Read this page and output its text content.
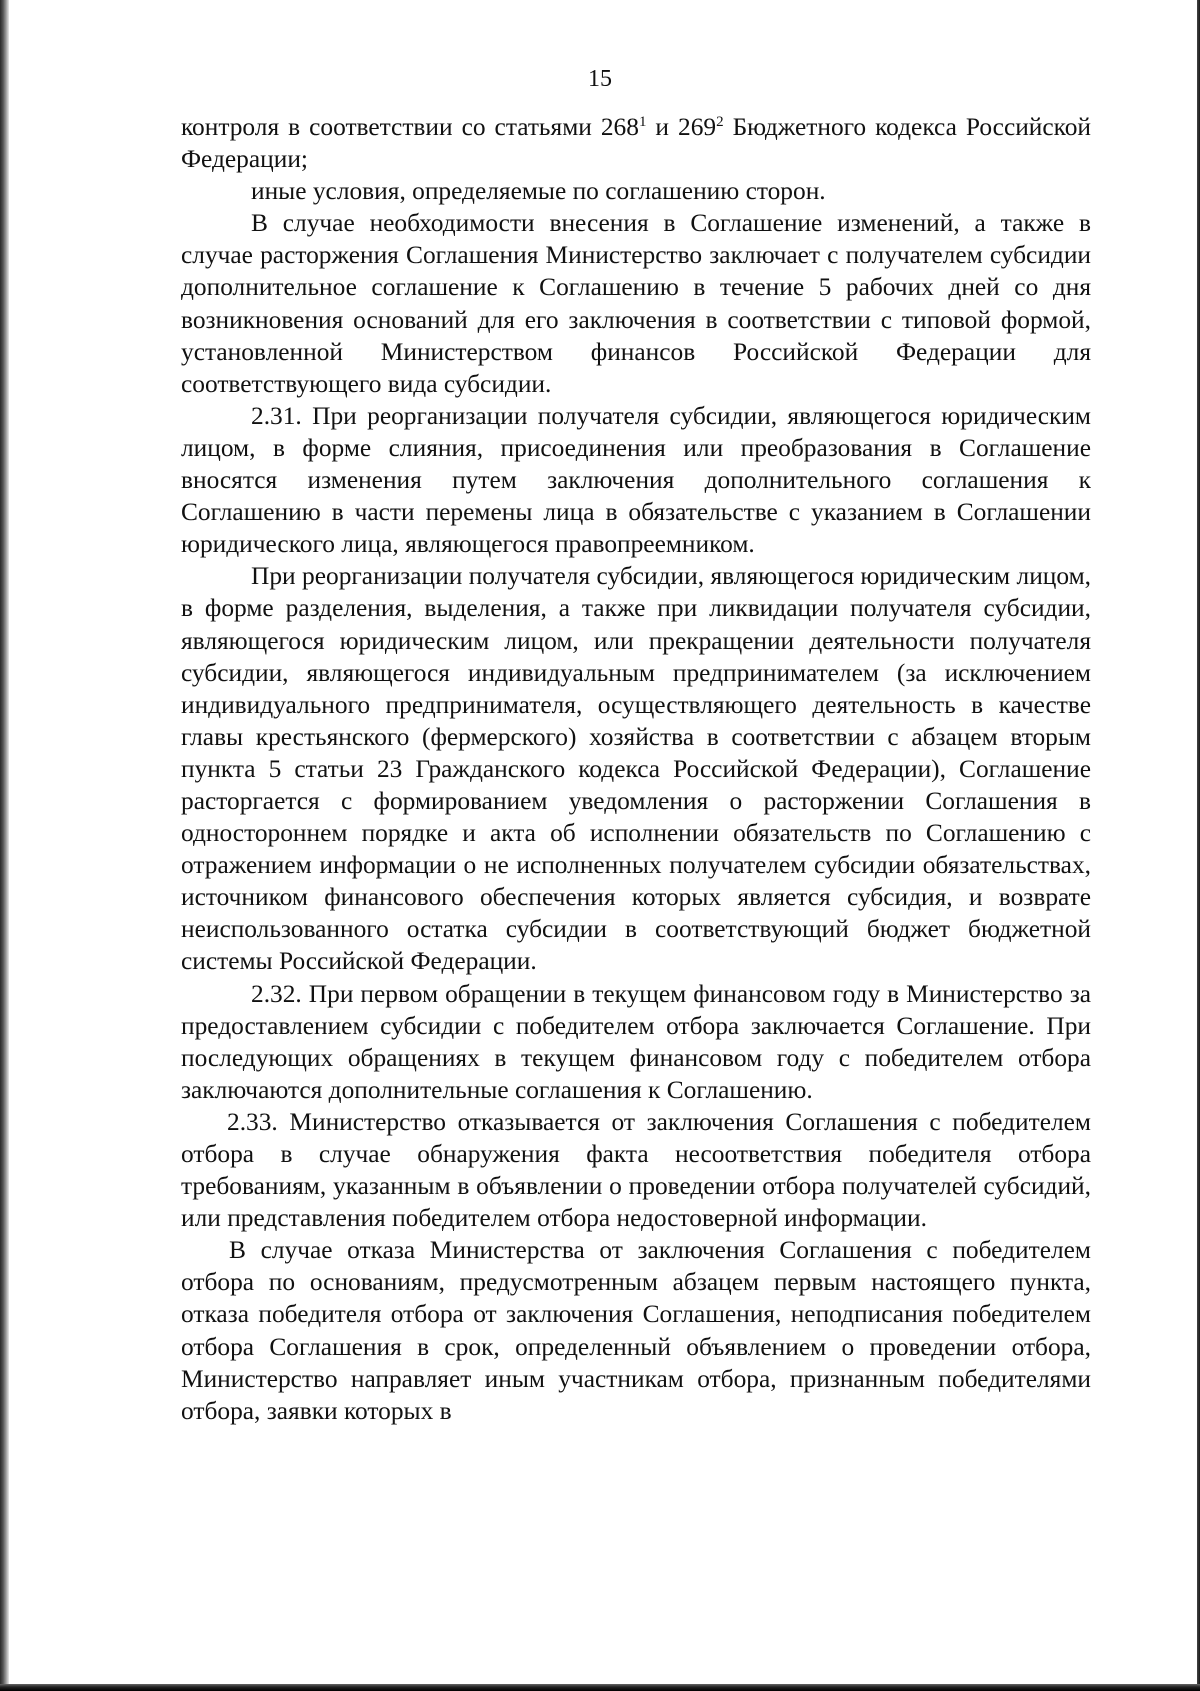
15

контроля в соответствии со статьями $268^1$ и $269^2$ Бюджетного кодекса Российской Федерации;

иные условия, определяемые по соглашению сторон.

В случае необходимости внесения в Соглашение изменений, а также в случае расторжения Соглашения Министерство заключает с получателем субсидии дополнительное соглашение к Соглашению в течение 5 рабочих дней со дня возникновения оснований для его заключения в соответствии с типовой формой, установленной Министерством финансов Российской Федерации для соответствующего вида субсидии.

2.31. При реорганизации получателя субсидии, являющегося юридическим лицом, в форме слияния, присоединения или преобразования в Соглашение вносятся изменения путем заключения дополнительного соглашения к Соглашению в части перемены лица в обязательстве с указанием в Соглашении юридического лица, являющегося правопреемником.

При реорганизации получателя субсидии, являющегося юридическим лицом, в форме разделения, выделения, а также при ликвидации получателя субсидии, являющегося юридическим лицом, или прекращении деятельности получателя субсидии, являющегося индивидуальным предпринимателем (за исключением индивидуального предпринимателя, осуществляющего деятельность в качестве главы крестьянского (фермерского) хозяйства в соответствии с абзацем вторым пункта 5 статьи 23 Гражданского кодекса Российской Федерации), Соглашение расторгается с формированием уведомления о расторжении Соглашения в одностороннем порядке и акта об исполнении обязательств по Соглашению с отражением информации о не исполненных получателем субсидии обязательствах, источником финансового обеспечения которых является субсидия, и возврате неиспользованного остатка субсидии в соответствующий бюджет бюджетной системы Российской Федерации.

2.32. При первом обращении в текущем финансовом году в Министерство за предоставлением субсидии с победителем отбора заключается Соглашение. При последующих обращениях в текущем финансовом году с победителем отбора заключаются дополнительные соглашения к Соглашению.

2.33. Министерство отказывается от заключения Соглашения с победителем отбора в случае обнаружения факта несоответствия победителя отбора требованиям, указанным в объявлении о проведении отбора получателей субсидий, или представления победителем отбора недостоверной информации.

В случае отказа Министерства от заключения Соглашения с победителем отбора по основаниям, предусмотренным абзацем первым настоящего пункта, отказа победителя отбора от заключения Соглашения, неподписания победителем отбора Соглашения в срок, определенный объявлением о проведении отбора, Министерство направляет иным участникам отбора, признанным победителями отбора, заявки которых в
